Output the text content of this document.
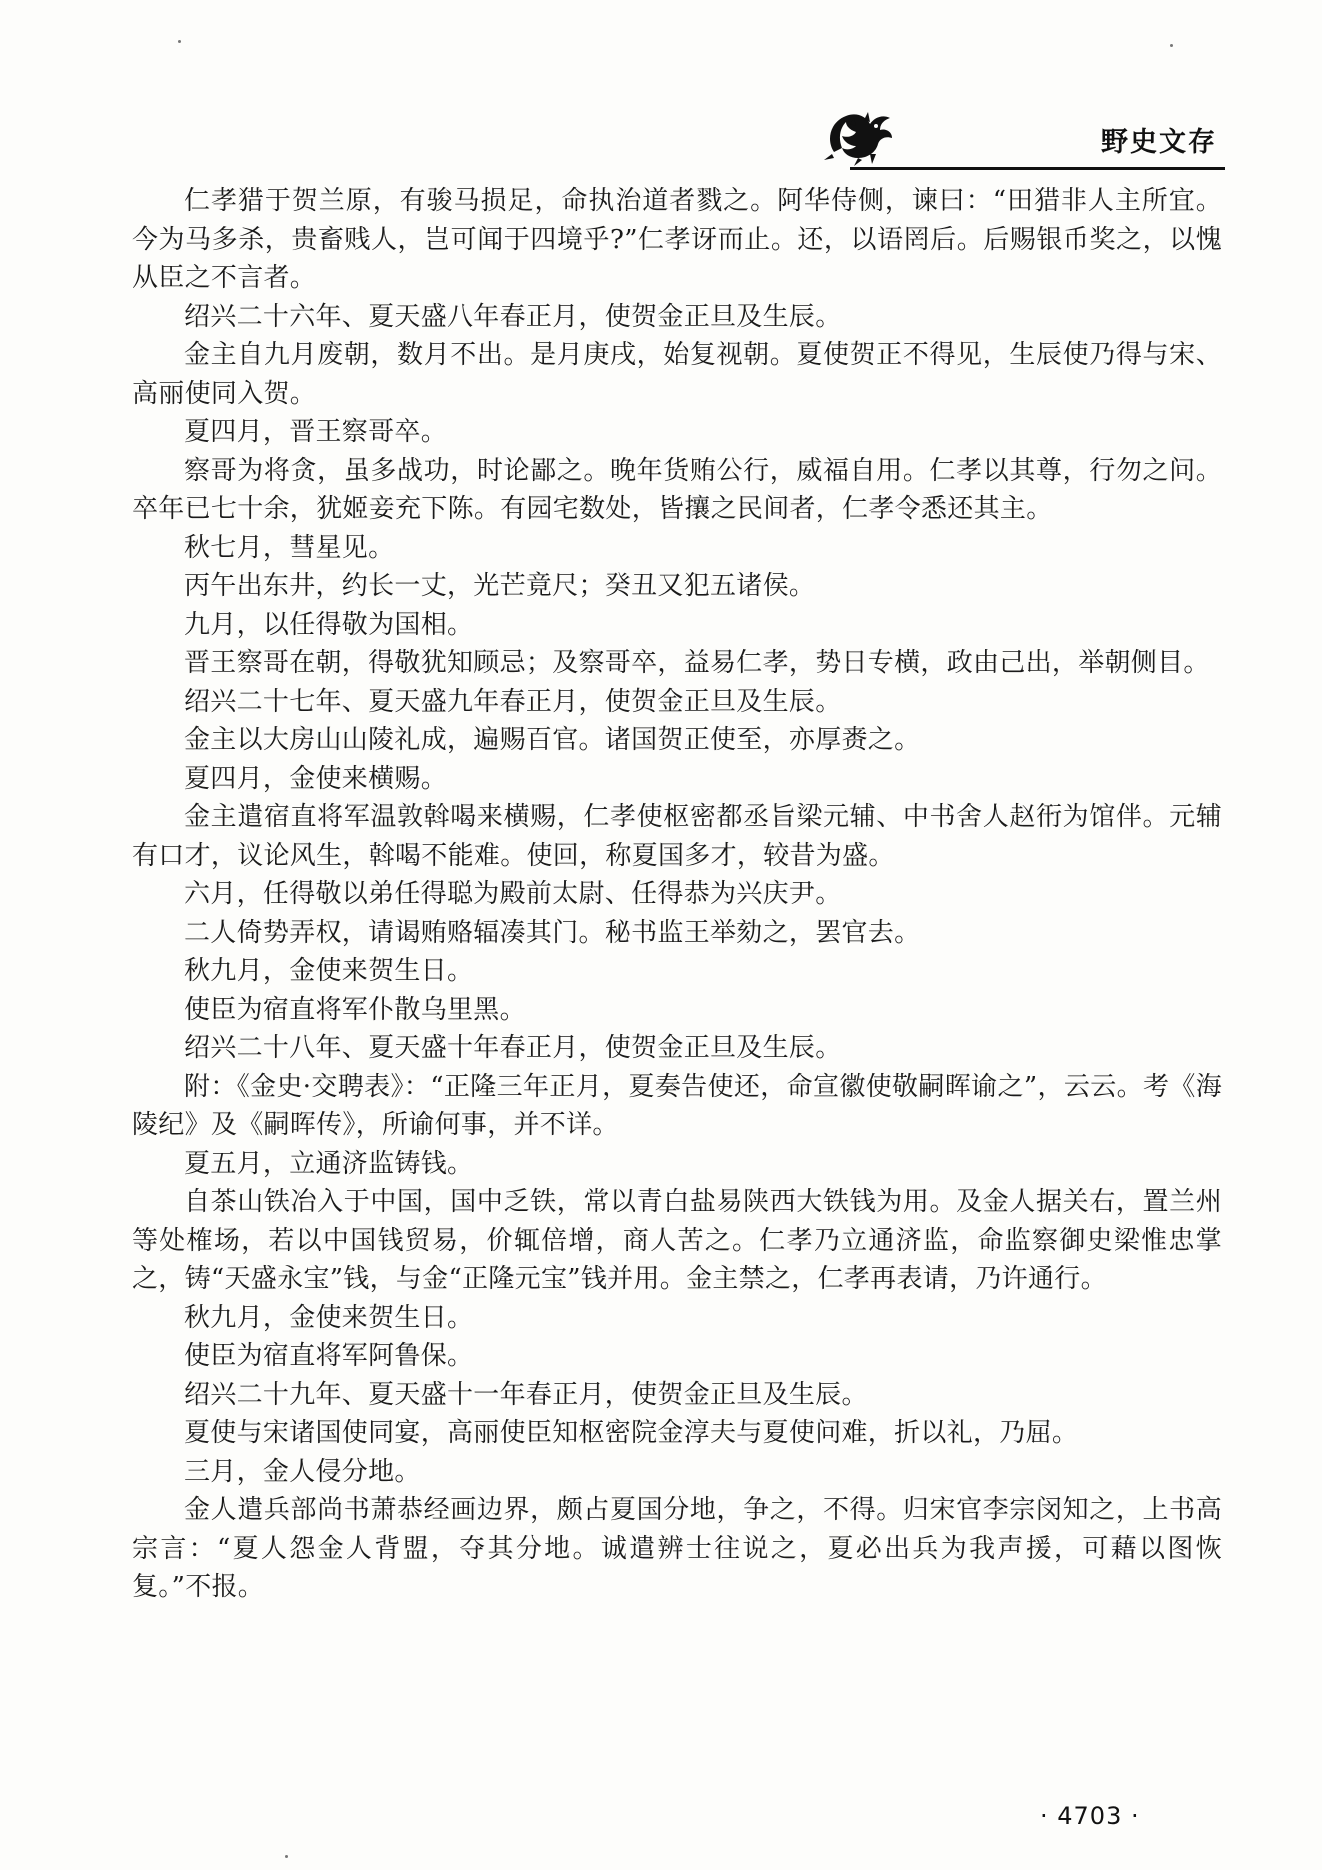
野史文存

仁孝猎于贺兰原，有骏马损足，命执治道者戮之。阿华侍侧，谏曰：“田猎非人主所宜。今为马多杀，贵畜贱人，岂可闻于四境乎?”仁孝讶而止。还，以语罔后。后赐银币奖之，以愧从臣之不言者。

绍兴二十六年、夏天盛八年春正月，使贺金正旦及生辰。

金主自九月废朝，数月不出。是月庚戌，始复视朝。夏使贺正不得见，生辰使乃得与宋、高丽使同入贺。

夏四月，晋王察哥卒。

察哥为将贪，虽多战功，时论鄙之。晚年货贿公行，威福自用。仁孝以其尊，行勿之问。卒年已七十余，犹姬妾充下陈。有园宅数处，皆攘之民间者，仁孝令悉还其主。

秋七月，彗星见。

丙午出东井，约长一丈，光芒竟尺；癸丑又犯五诸侯。

九月，以任得敬为国相。

晋王察哥在朝，得敬犹知顾忌；及察哥卒，益易仁孝，势日专横，政由己出，举朝侧目。

绍兴二十七年、夏天盛九年春正月，使贺金正旦及生辰。

金主以大房山山陵礼成，遍赐百官。诸国贺正使至，亦厚赉之。

夏四月，金使来横赐。

金主遣宿直将军温敦斡喝来横赐，仁孝使枢密都丞旨梁元辅、中书舍人赵衎为馆伴。元辅有口才，议论风生，斡喝不能难。使回，称夏国多才，较昔为盛。

六月，任得敬以弟任得聪为殿前太尉、任得恭为兴庆尹。

二人倚势弄权，请谒贿赂辐凑其门。秘书监王举劾之，罢官去。

秋九月，金使来贺生日。

使臣为宿直将军仆散乌里黑。

绍兴二十八年、夏天盛十年春正月，使贺金正旦及生辰。

附：《金史·交聘表》：“正隆三年正月，夏奏告使还，命宣徽使敬嗣晖谕之”，云云。考《海陵纪》及《嗣晖传》，所谕何事，并不详。

夏五月，立通济监铸钱。

自茶山铁冶入于中国，国中乏铁，常以青白盐易陕西大铁钱为用。及金人据关右，置兰州等处榷场，若以中国钱贸易，价辄倍增，商人苦之。仁孝乃立通济监，命监察御史梁惟忠掌之，铸“天盛永宝”钱，与金“正隆元宝”钱并用。金主禁之，仁孝再表请，乃许通行。

秋九月，金使来贺生日。

使臣为宿直将军阿鲁保。

绍兴二十九年、夏天盛十一年春正月，使贺金正旦及生辰。

夏使与宋诸国使同宴，高丽使臣知枢密院金淳夫与夏使问难，折以礼，乃屈。

三月，金人侵分地。

金人遣兵部尚书萧恭经画边界，颇占夏国分地，争之，不得。归宋官李宗闵知之，上书高宗言：“夏人怨金人背盟，夺其分地。诚遣辨士往说之，夏必出兵为我声援，可藉以图恢复。”不报。

· 4703 ·
